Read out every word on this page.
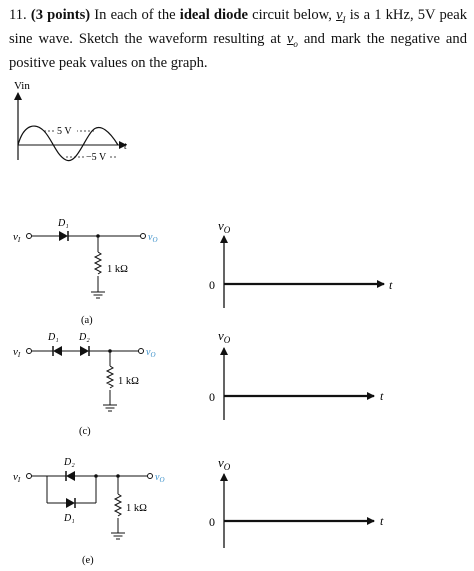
11. (3 points) In each of the ideal diode circuit below, $v_I$ is a 1 kHz, 5V peak sine wave. Sketch the waveform resulting at $v_o$ and mark the negative and positive peak values on the graph.
Vin
5 V
−5 V
t
vI
D₁
$v_O$
1 kΩ
(a)
vI
D₁ D₂
$v_O$
1 kΩ
(c)
vI
D₂
D₁
$v_O$
1 kΩ
(e)
$v_O$
0	t
$v_O$
0	t
$v_O$
0	t
